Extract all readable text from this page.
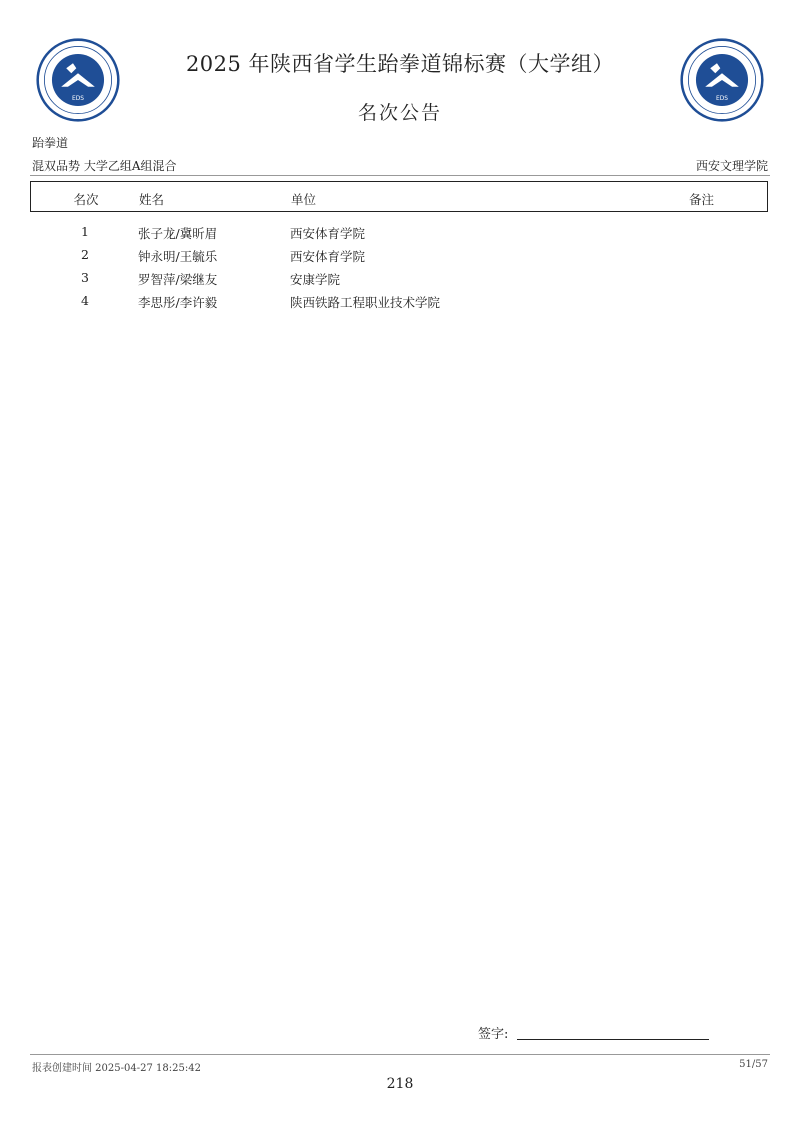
EDS	EDS
2025 年陕西省学生跆拳道锦标赛（大学组）
名次公告
跆拳道
混双品势 大学乙组A组混合	西安文理学院
名次	姓名	单位	备注
1	张子龙/冀昕眉	西安体育学院
2	钟永明/王毓乐	西安体育学院
3	罗智萍/梁继友	安康学院
4	李思彤/李许毅	陕西铁路工程职业技术学院
签字:
报表创建时间 2025-04-27 18:25:42	51/57
218
